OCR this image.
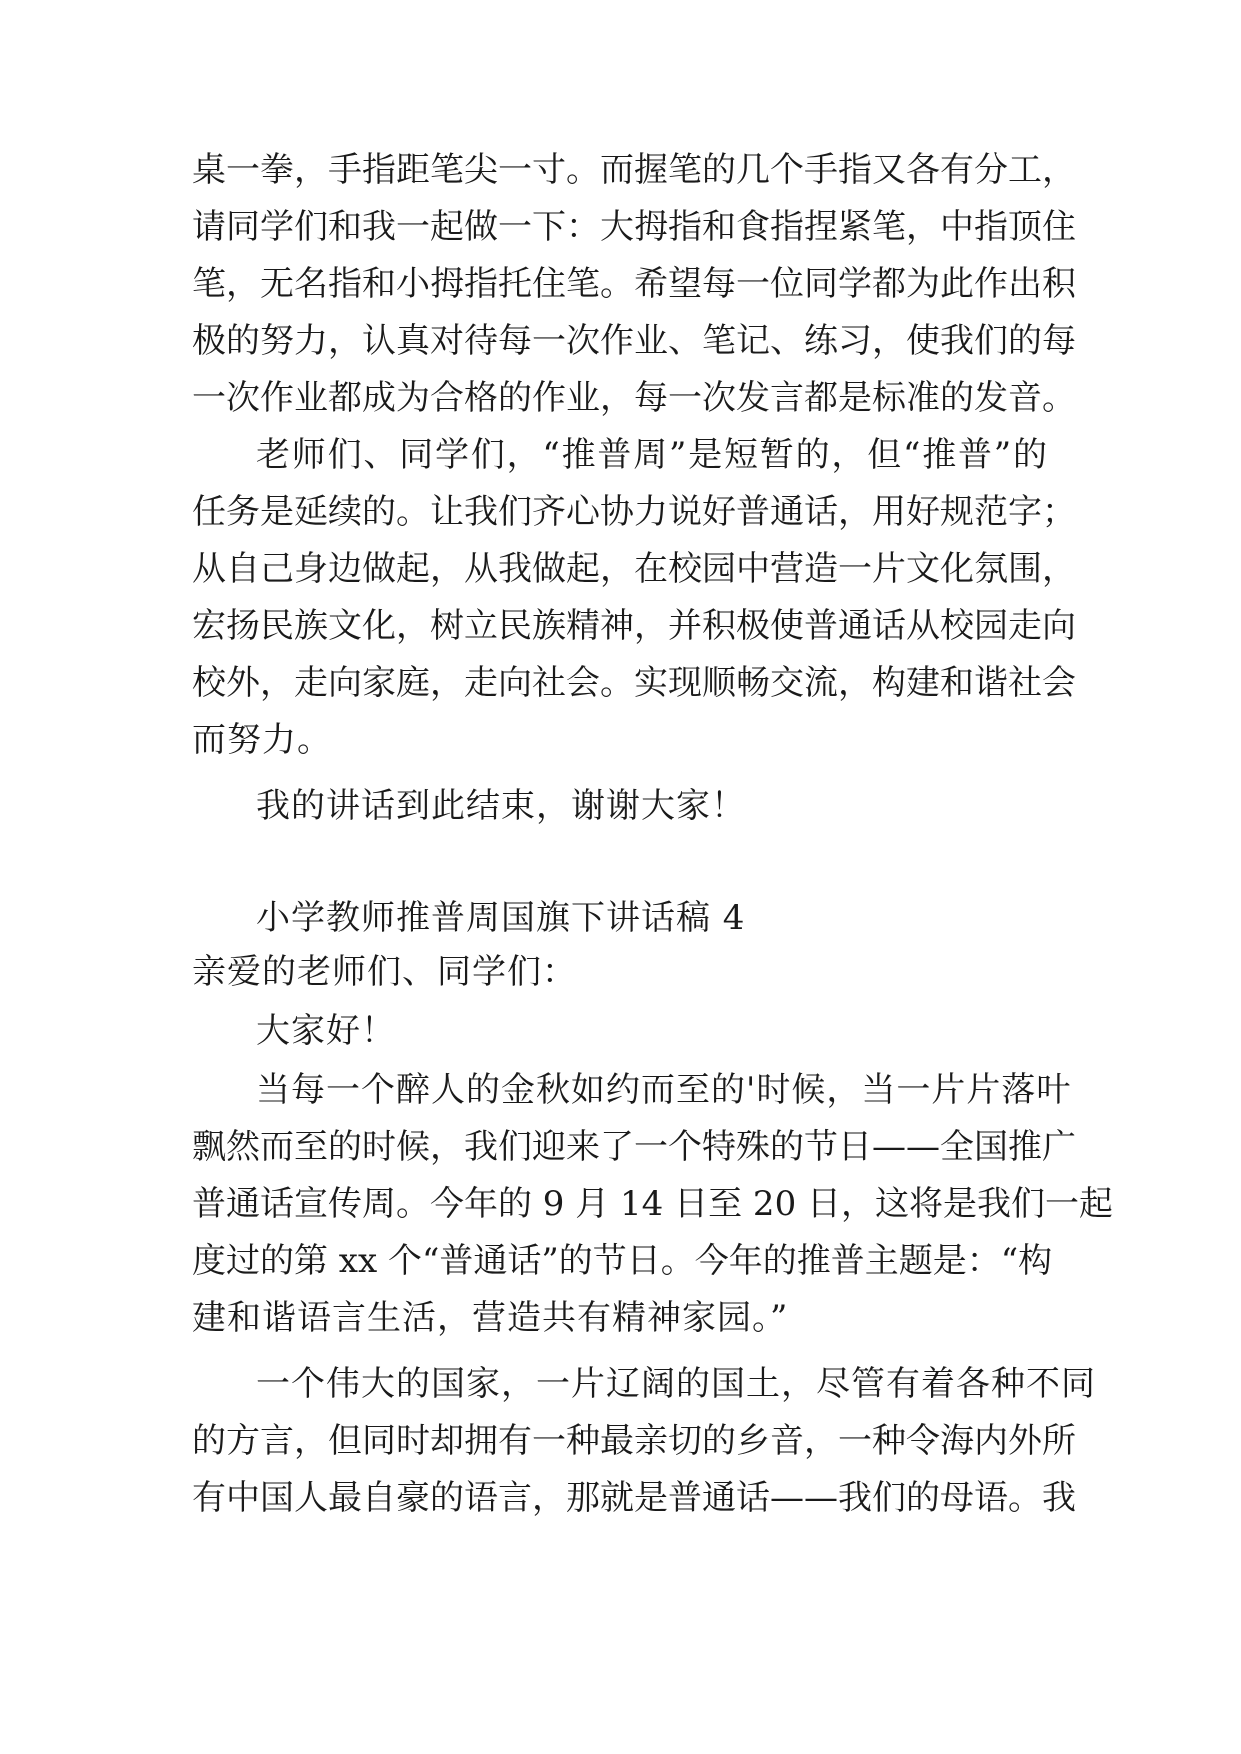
桌一拳，手指距笔尖一寸。而握笔的几个手指又各有分工，
请同学们和我一起做一下：大拇指和食指捏紧笔，中指顶住
笔，无名指和小拇指托住笔。希望每一位同学都为此作出积
极的努力，认真对待每一次作业、笔记、练习，使我们的每
一次作业都成为合格的作业，每一次发言都是标准的发音。
老师们、同学们，“推普周”是短暂的，但“推普”的
任务是延续的。让我们齐心协力说好普通话，用好规范字；
从自己身边做起，从我做起，在校园中营造一片文化氛围，
宏扬民族文化，树立民族精神，并积极使普通话从校园走向
校外，走向家庭，走向社会。实现顺畅交流，构建和谐社会
而努力。
我的讲话到此结束，谢谢大家！
小学教师推普周国旗下讲话稿 4
亲爱的老师们、同学们：
大家好！
当每一个醉人的金秋如约而至的'时候，当一片片落叶
飘然而至的时候，我们迎来了一个特殊的节日——全国推广
普通话宣传周。今年的 9 月 14 日至 20 日，这将是我们一起
度过的第 xx 个“普通话”的节日。今年的推普主题是：“构
建和谐语言生活，营造共有精神家园。”
一个伟大的国家，一片辽阔的国土，尽管有着各种不同
的方言，但同时却拥有一种最亲切的乡音，一种令海内外所
有中国人最自豪的语言，那就是普通话——我们的母语。我
